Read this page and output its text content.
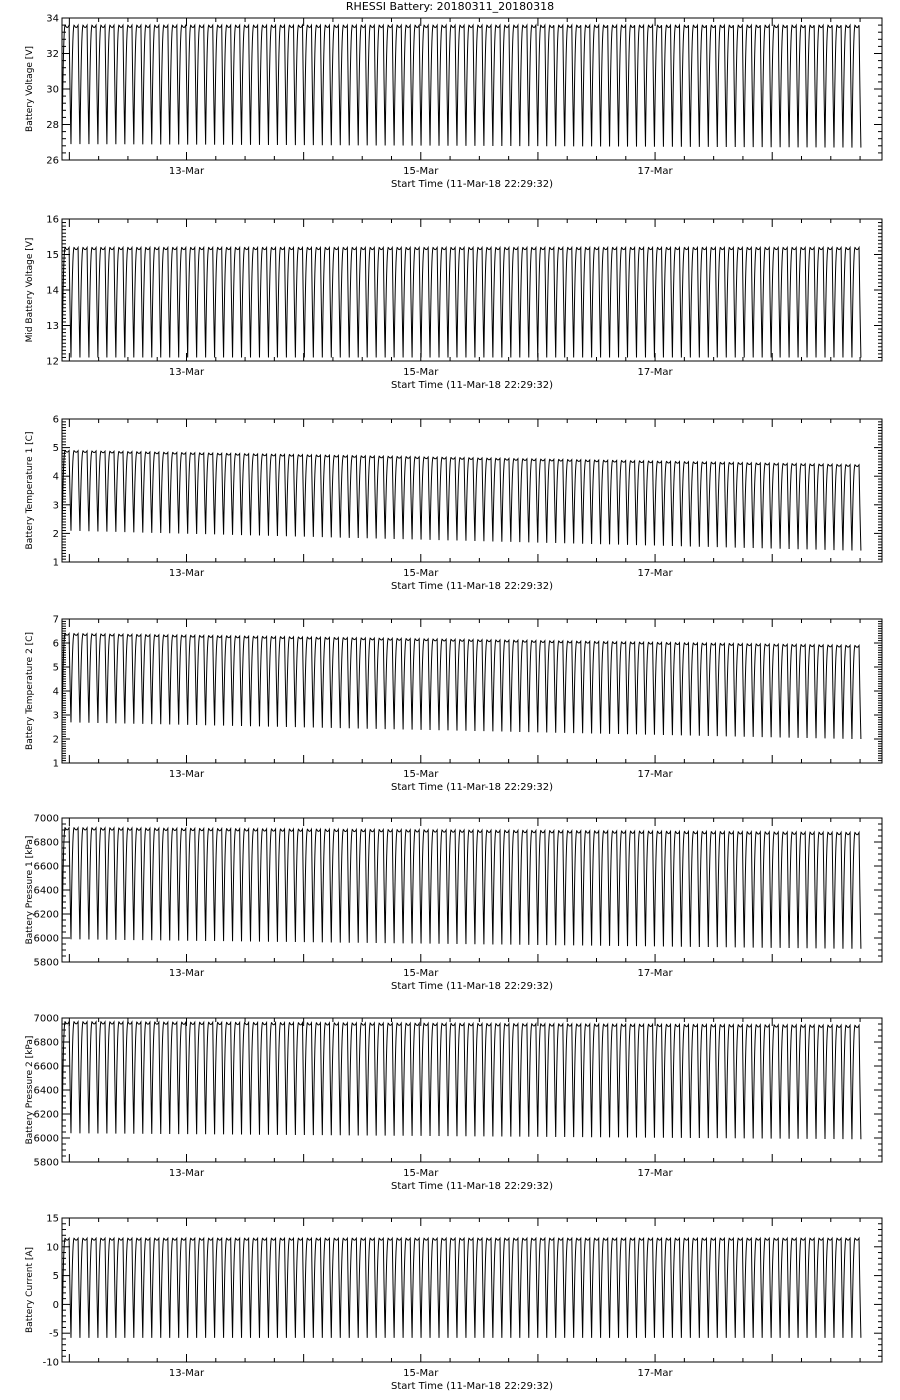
RHESSI Battery: 20180311_20180318
26
28
30
32
34
Battery Voltage [V]
13-Mar	15-Mar	17-Mar
Start Time (11-Mar-18 22:29:32)
12
13
14
15
16
Mid Battery Voltage [V]
13-Mar	15-Mar	17-Mar
Start Time (11-Mar-18 22:29:32)
1
2
3
4
5
6
Battery Temperature 1 [C]
13-Mar	15-Mar	17-Mar
Start Time (11-Mar-18 22:29:32)
1
2
3
4
5
6
7
Battery Temperature 2 [C]
13-Mar	15-Mar	17-Mar
Start Time (11-Mar-18 22:29:32)
5800
6000
6200
6400
6600
6800
7000
Battery Pressure 1 [kPa]
13-Mar	15-Mar	17-Mar
Start Time (11-Mar-18 22:29:32)
5800
6000
6200
6400
6600
6800
7000
Battery Pressure 2 [kPa]
13-Mar	15-Mar	17-Mar
Start Time (11-Mar-18 22:29:32)
-10
-5
0
5
10
15
Battery Current [A]
13-Mar	15-Mar	17-Mar
Start Time (11-Mar-18 22:29:32)
